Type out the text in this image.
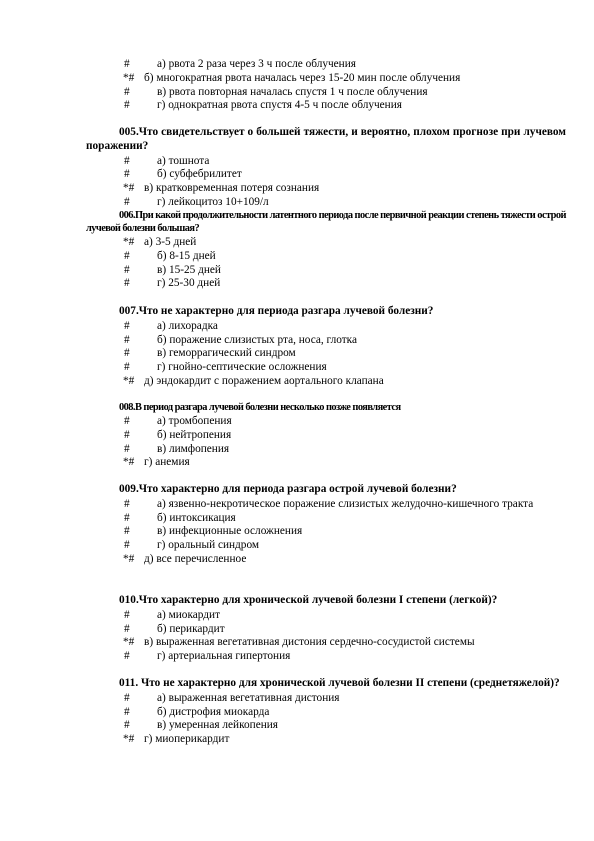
# а) рвота 2 раза через 3 ч после облучения
*# б) многократная рвота началась через 15-20 мин после облучения
# в) рвота повторная началась спустя 1 ч после облучения
# г) однократная рвота спустя 4-5 ч после облучения

005.Что свидетельствует о большей тяжести, и вероятно, плохом прогнозе при лучевом поражении?

# а) тошнота
# б) субфебрилитет
*# в) кратковременная потеря сознания
# г) лейкоцитоз 10+109/л

006.При какой продолжительности латентного периода после первичной реакции степень тяжести острой лучевой болезни большая?

*# а) 3-5 дней
# б) 8-15 дней
# в) 15-25 дней
# г) 25-30 дней

007.Что не характерно для периода разгара лучевой болезни?

# а) лихорадка
# б) поражение слизистых рта, носа, глотка
# в) геморрагический синдром
# г) гнойно-септические осложнения
*# д) эндокардит с поражением аортального клапана

008.В период разгара лучевой болезни несколько позже появляется

# а) тромбопения
# б) нейтропения
# в) лимфопения
*# г) анемия

009.Что характерно для периода разгара острой лучевой болезни?

# а) язвенно-некротическое поражение слизистых желудочно-кишечного тракта
# б) интоксикация
# в) инфекционные осложнения
# г) оральный синдром
*# д) все перечисленное

010.Что характерно для хронической лучевой болезни I степени (легкой)?

# а) миокардит
# б) перикардит
*# в) выраженная вегетативная дистония сердечно-сосудистой системы
# г) артериальная гипертония

011. Что не характерно для хронической лучевой болезни II степени (среднетяжелой)?

# а) выраженная вегетативная дистония
# б) дистрофия миокарда
# в) умеренная лейкопения
*# г) миоперикардит
